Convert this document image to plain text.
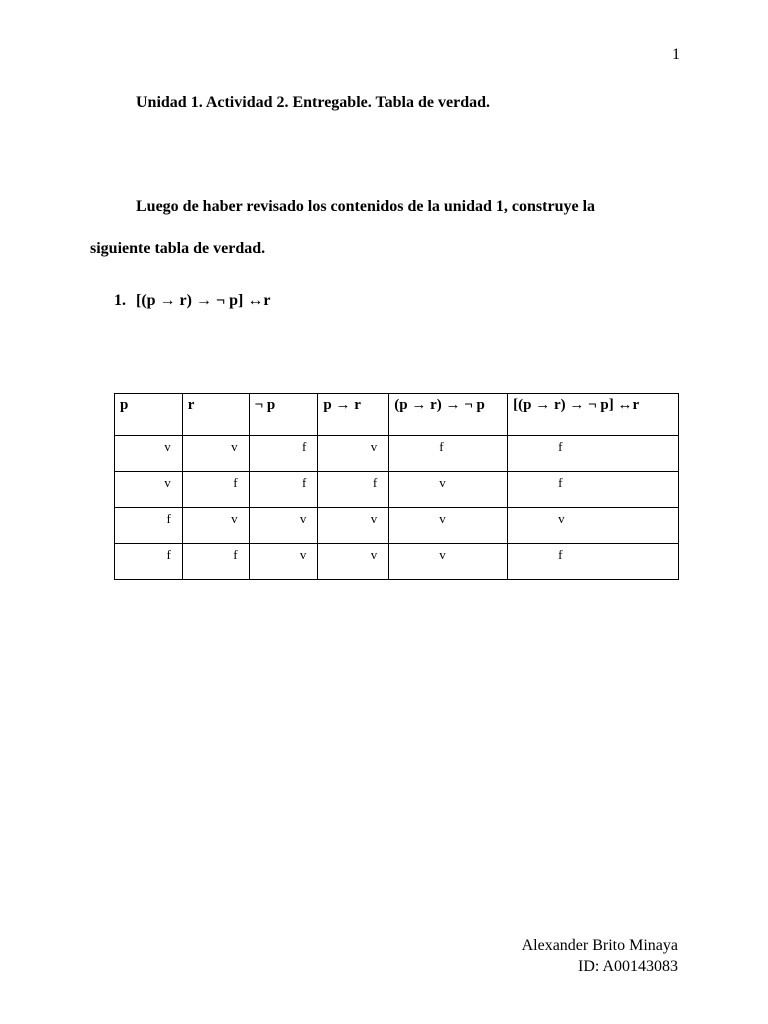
1
Unidad 1. Actividad 2. Entregable. Tabla de verdad.
Luego de haber revisado los contenidos de la unidad 1, construye la
siguiente tabla de verdad.
1. [(p → r) → ¬ p] ↔r
p	r	¬ p	p → r	(p → r) → ¬ p	[(p → r) → ¬ p] ↔r
v	v	f	v	f	f
v	f	f	f	v	f
f	v	v	v	v	v
f	f	v	v	v	f
Alexander Brito Minaya
ID: A00143083
